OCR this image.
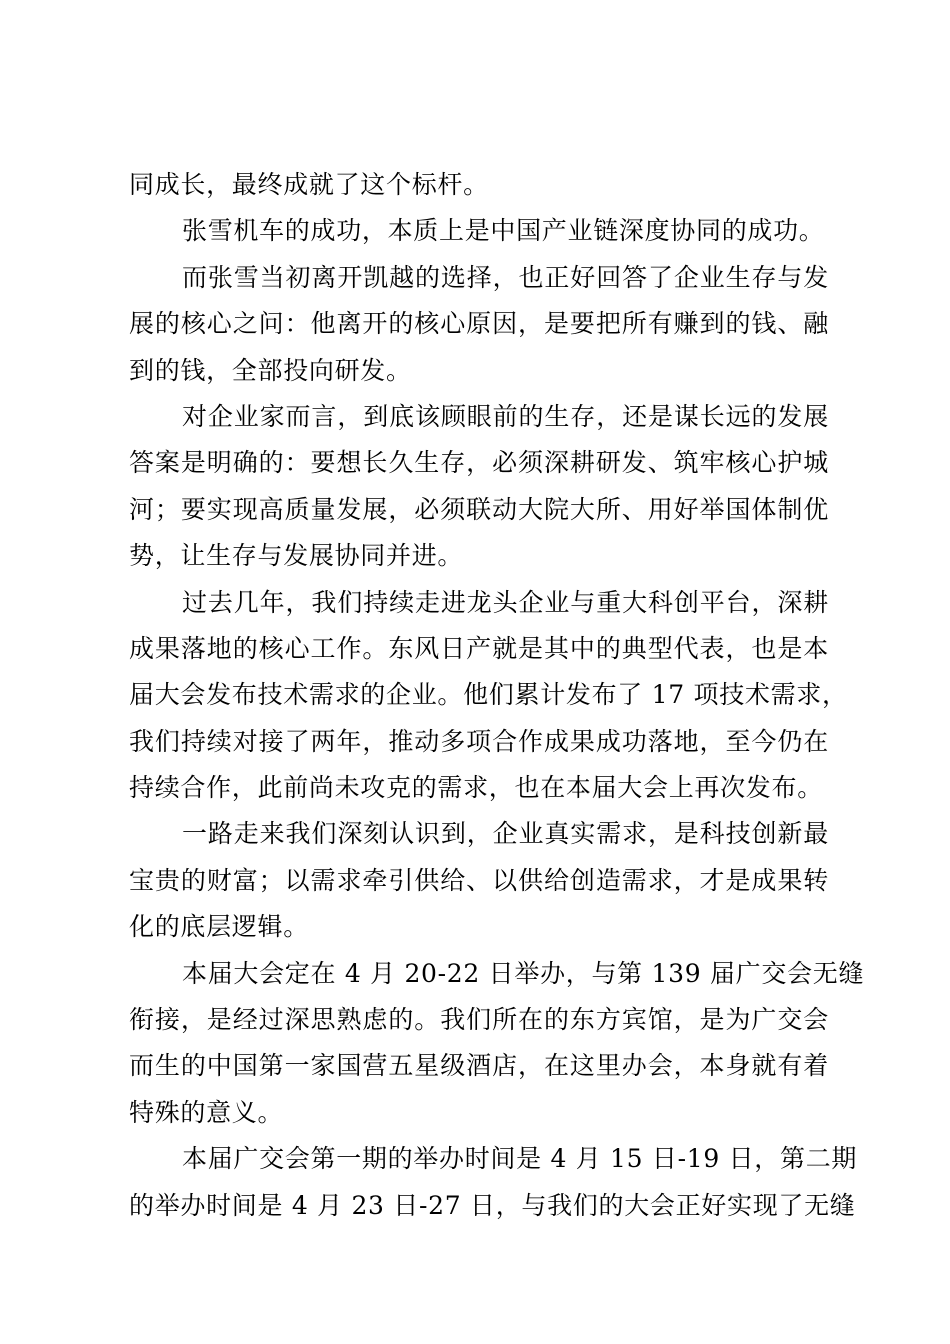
同成长，最终成就了这个标杆。
张雪机车的成功，本质上是中国产业链深度协同的成功。
而张雪当初离开凯越的选择，也正好回答了企业生存与发
展的核心之问：他离开的核心原因，是要把所有赚到的钱、融
到的钱，全部投向研发。
对企业家而言，到底该顾眼前的生存，还是谋长远的发展
答案是明确的：要想长久生存，必须深耕研发、筑牢核心护城
河；要实现高质量发展，必须联动大院大所、用好举国体制优
势，让生存与发展协同并进。
过去几年，我们持续走进龙头企业与重大科创平台，深耕
成果落地的核心工作。东风日产就是其中的典型代表，也是本
届大会发布技术需求的企业。他们累计发布了 17 项技术需求，
我们持续对接了两年，推动多项合作成果成功落地，至今仍在
持续合作，此前尚未攻克的需求，也在本届大会上再次发布。
一路走来我们深刻认识到，企业真实需求，是科技创新最
宝贵的财富；以需求牵引供给、以供给创造需求，才是成果转
化的底层逻辑。
本届大会定在 4 月 20-22 日举办，与第 139 届广交会无缝
衔接，是经过深思熟虑的。我们所在的东方宾馆，是为广交会
而生的中国第一家国营五星级酒店，在这里办会，本身就有着
特殊的意义。
本届广交会第一期的举办时间是 4 月 15 日-19 日，第二期
的举办时间是 4 月 23 日-27 日，与我们的大会正好实现了无缝
